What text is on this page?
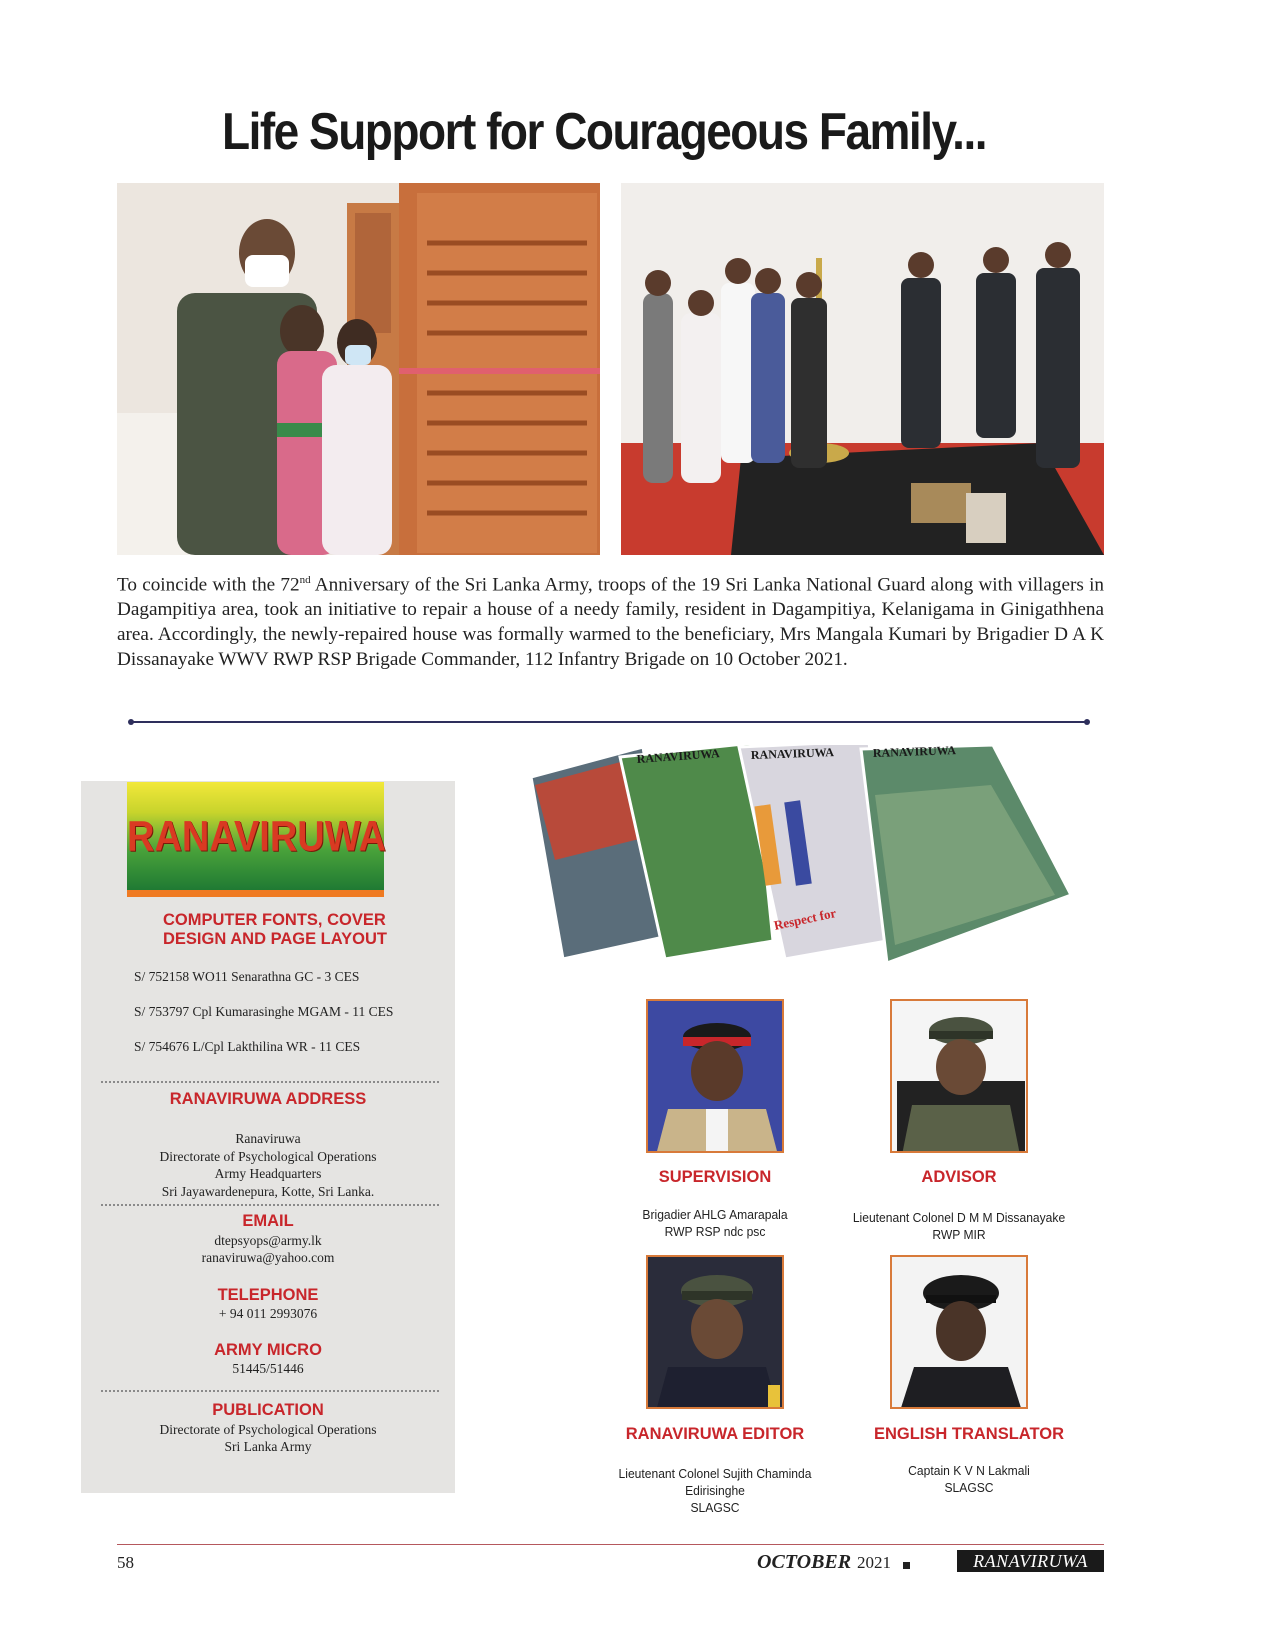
Life Support for Courageous Family...
To coincide with the 72nd Anniversary of the Sri Lanka Army, troops of the 19 Sri Lanka National Guard along with villagers in Dagampitiya area, took an initiative to repair a house of a needy family, resident in Dagampitiya, Kelanigama in Ginigathhena area. Accordingly, the newly-repaired house was formally warmed to the beneficiary, Mrs Mangala Kumari by Brigadier D A K Dissanayake WWV RWP RSP Brigade Commander, 112 Infantry Brigade on 10 October 2021.
RANAVIRUWA
COMPUTER FONTS, COVER
DESIGN AND PAGE LAYOUT
S/ 752158 WO11 Senarathna GC - 3 CES
S/ 753797 Cpl Kumarasinghe MGAM - 11 CES
S/ 754676 L/Cpl Lakthilina WR - 11 CES
RANAVIRUWA ADDRESS
Ranaviruwa
Directorate of Psychological Operations
Army Headquarters
Sri Jayawardenepura, Kotte, Sri Lanka.
EMAIL
dtepsyops@army.lk
ranaviruwa@yahoo.com
TELEPHONE
+ 94 011 2993076
ARMY MICRO
51445/51446
PUBLICATION
Directorate of Psychological Operations
Sri Lanka Army
RANAVIRUWA	RANAVIRUWA	RANAVIRUWA
Respect for
SUPERVISION
Brigadier AHLG Amarapala
RWP RSP ndc psc
ADVISOR
Lieutenant Colonel D M M Dissanayake
RWP MIR
RANAVIRUWA EDITOR
Lieutenant Colonel Sujith Chaminda
Edirisinghe
SLAGSC
ENGLISH TRANSLATOR
Captain K V N Lakmali
SLAGSC
58	OCTOBER 2021	RANAVIRUWA
